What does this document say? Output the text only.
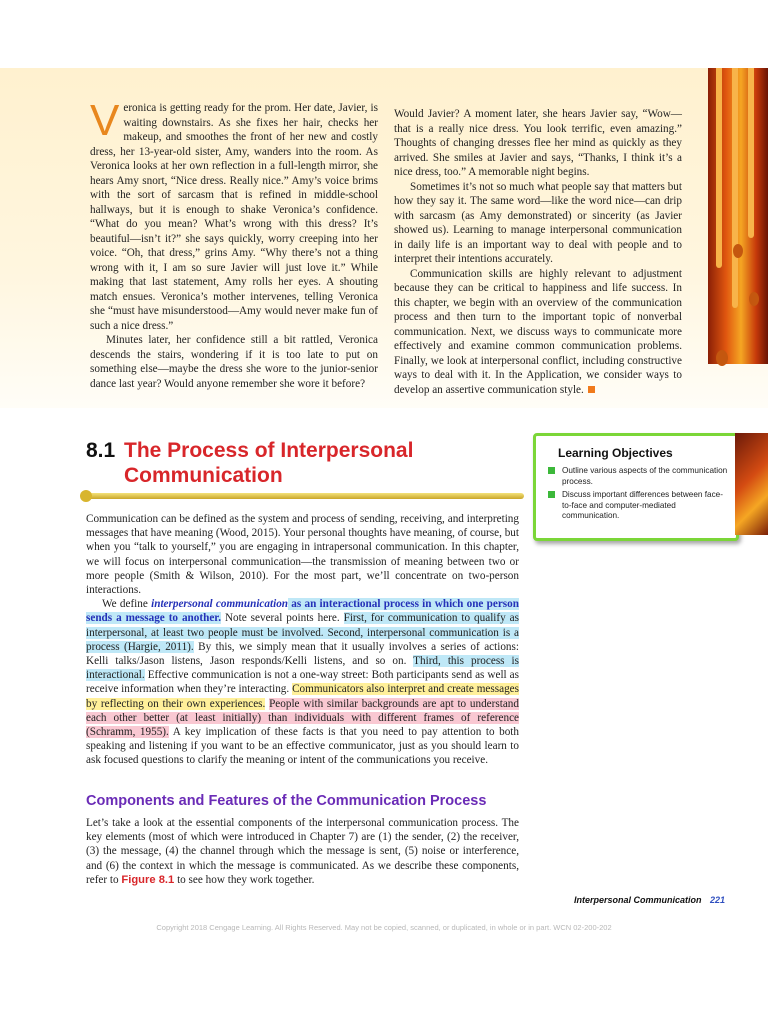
Veronica is getting ready for the prom. Her date, Javier, is waiting downstairs. As she fixes her hair, checks her makeup, and smoothes the front of her new and costly dress, her 13-year-old sister, Amy, wanders into the room. As Veronica looks at her own reflection in a full-length mirror, she hears Amy snort, “Nice dress. Really nice.” Amy’s voice brims with the sort of sarcasm that is refined in middle-school hallways, but it is enough to shake Veronica’s confidence. “What do you mean? What’s wrong with this dress? It’s beautiful—isn’t it?” she says quickly, worry creeping into her voice. “Oh, that dress,” grins Amy. “Why there’s not a thing wrong with it, I am so sure Javier will just love it.” While making that last statement, Amy rolls her eyes. A shouting match ensues. Veronica’s mother intervenes, telling Veronica she “must have misunderstood—Amy would never make fun of such a nice dress.”

Minutes later, her confidence still a bit rattled, Veronica descends the stairs, wondering if it is too late to put on something else—maybe the dress she wore to the junior-senior dance last year? Would anyone remember she wore it before?

Would Javier? A moment later, she hears Javier say, “Wow—that is a really nice dress. You look terrific, even amazing.” Thoughts of changing dresses flee her mind as quickly as they arrived. She smiles at Javier and says, “Thanks, I think it’s a nice dress, too.” A memorable night begins.

Sometimes it’s not so much what people say that matters but how they say it. The same word—like the word nice—can drip with sarcasm (as Amy demonstrated) or sincerity (as Javier showed us). Learning to manage interpersonal communication in daily life is an important way to deal with people and to interpret their intentions accurately.

Communication skills are highly relevant to adjustment because they can be critical to happiness and life success. In this chapter, we begin with an overview of the communication process and then turn to the important topic of nonverbal communication. Next, we discuss ways to communicate more effectively and examine common communication problems. Finally, we look at interpersonal conflict, including constructive ways to deal with it. In the Application, we consider ways to develop an assertive communication style.

8.1 The Process of Interpersonal
Communication
Learning Objectives
Outline various aspects of the communication process.
Discuss important differences between face-to-face and computer-mediated communication.

Communication can be defined as the system and process of sending, receiving, and interpreting messages that have meaning (Wood, 2015). Your personal thoughts have meaning, of course, but when you “talk to yourself,” you are engaging in intrapersonal communication. In this chapter, we will focus on interpersonal communication—the transmission of meaning between two or more people (Smith & Wilson, 2010). For the most part, we’ll concentrate on two-person interactions.

We define interpersonal communication as an interactional process in which one person sends a message to another. Note several points here. First, for communication to qualify as interpersonal, at least two people must be involved. Second, interpersonal communication is a process (Hargie, 2011). By this, we simply mean that it usually involves a series of actions: Kelli talks/Jason listens, Jason responds/Kelli listens, and so on. Third, this process is interactional. Effective communication is not a one-way street: Both participants send as well as receive information when they’re interacting. Communicators also interpret and create messages by reflecting on their own experiences. People with similar backgrounds are apt to understand each other better (at least initially) than individuals with different frames of reference (Schramm, 1955). A key implication of these facts is that you need to pay attention to both speaking and listening if you want to be an effective communicator, just as you should learn to ask focused questions to clarify the meaning or intent of the communications you receive.

Components and Features of the Communication Process

Let’s take a look at the essential components of the interpersonal communication process. The key elements (most of which were introduced in Chapter 7) are (1) the sender, (2) the receiver, (3) the message, (4) the channel through which the message is sent, (5) noise or interference, and (6) the context in which the message is communicated. As we describe these components, refer to Figure 8.1 to see how they work together.

Interpersonal Communication 221
Copyright 2018 Cengage Learning. All Rights Reserved. May not be copied, scanned, or duplicated, in whole or in part. WCN 02-200-202
